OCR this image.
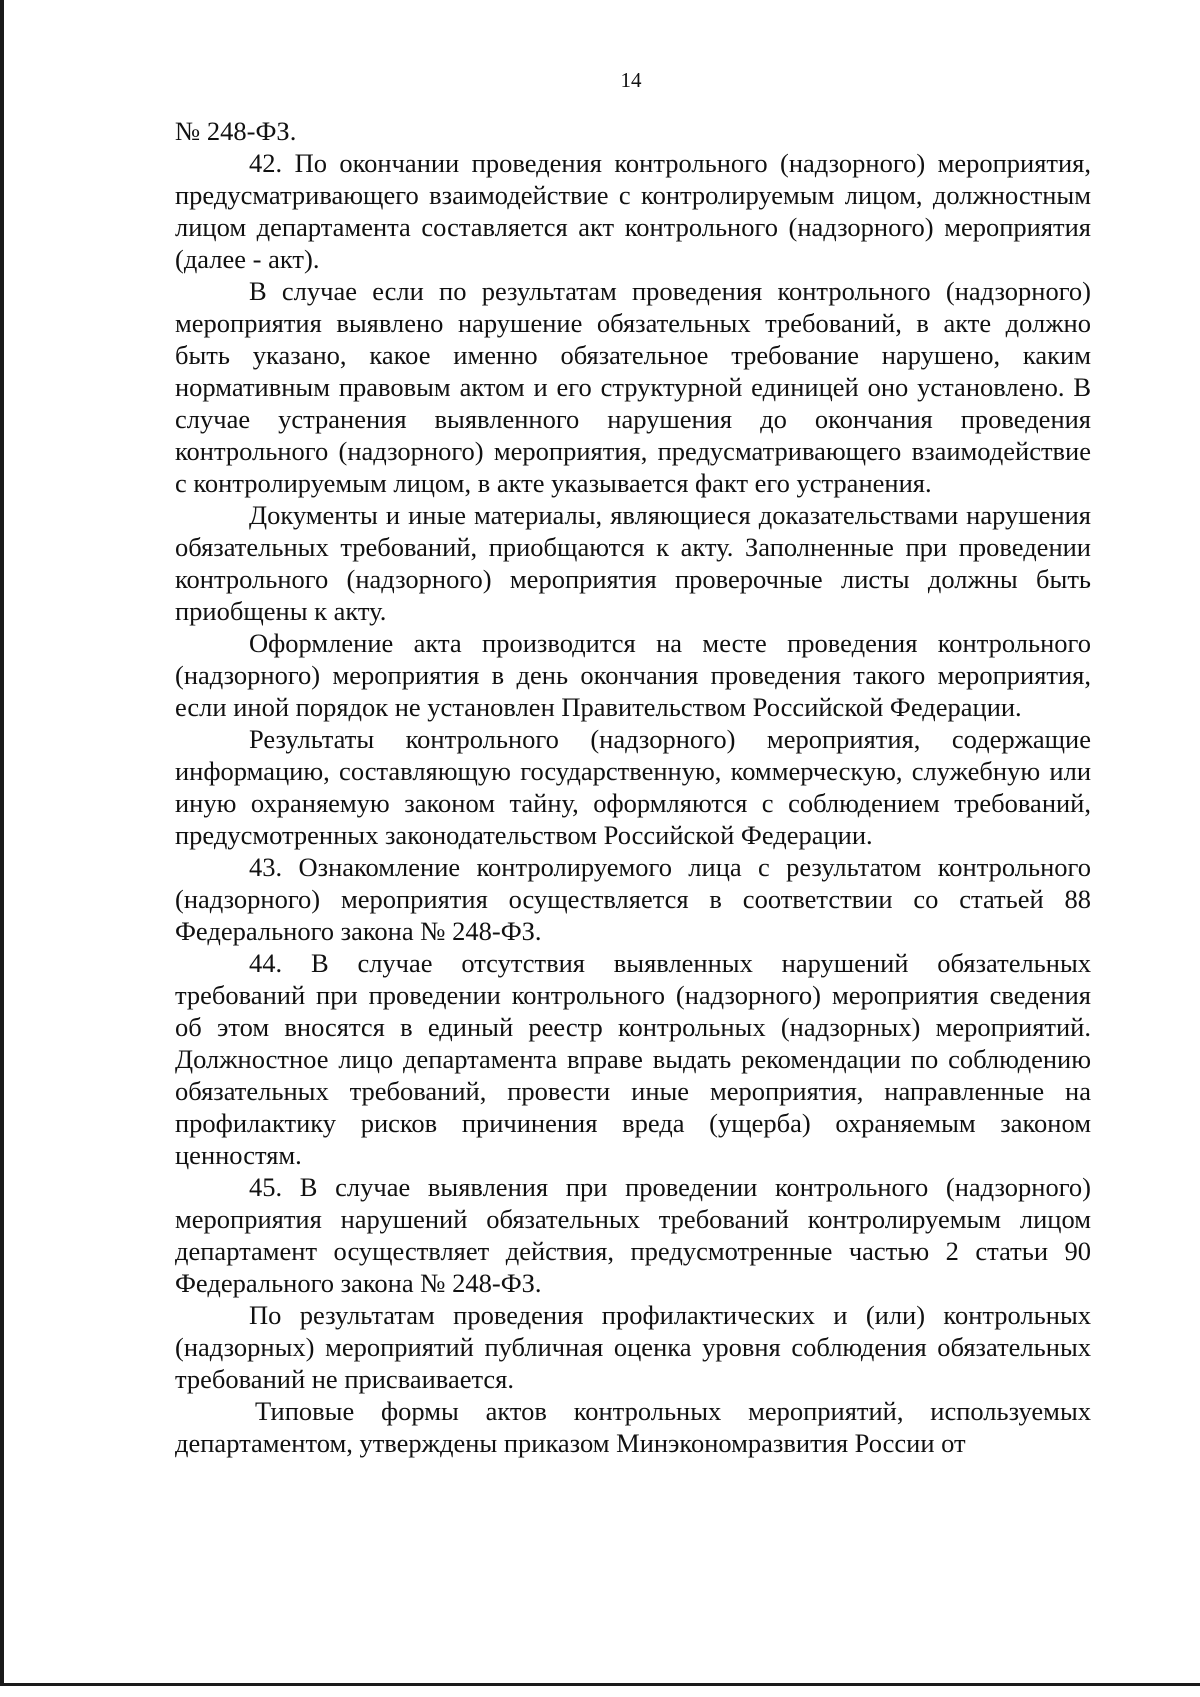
14

№ 248-ФЗ.

42. По окончании проведения контрольного (надзорного) мероприятия, предусматривающего взаимодействие с контролируемым лицом, должностным лицом департамента составляется акт контрольного (надзорного) мероприятия (далее - акт).

В случае если по результатам проведения контрольного (надзорного) мероприятия выявлено нарушение обязательных требований, в акте должно быть указано, какое именно обязательное требование нарушено, каким нормативным правовым актом и его структурной единицей оно установлено. В случае устранения выявленного нарушения до окончания проведения контрольного (надзорного) мероприятия, предусматривающего взаимодействие с контролируемым лицом, в акте указывается факт его устранения.

Документы и иные материалы, являющиеся доказательствами нарушения обязательных требований, приобщаются к акту. Заполненные при проведении контрольного (надзорного) мероприятия проверочные листы должны быть приобщены к акту.

Оформление акта производится на месте проведения контрольного (надзорного) мероприятия в день окончания проведения такого мероприятия, если иной порядок не установлен Правительством Российской Федерации.

Результаты контрольного (надзорного) мероприятия, содержащие информацию, составляющую государственную, коммерческую, служебную или иную охраняемую законом тайну, оформляются с соблюдением требований, предусмотренных законодательством Российской Федерации.

43. Ознакомление контролируемого лица с результатом контрольного (надзорного) мероприятия осуществляется в соответствии со статьей 88 Федерального закона № 248-ФЗ.

44. В случае отсутствия выявленных нарушений обязательных требований при проведении контрольного (надзорного) мероприятия сведения об этом вносятся в единый реестр контрольных (надзорных) мероприятий. Должностное лицо департамента вправе выдать рекомендации по соблюдению обязательных требований, провести иные мероприятия, направленные на профилактику рисков причинения вреда (ущерба) охраняемым законом ценностям.

45. В случае выявления при проведении контрольного (надзорного) мероприятия нарушений обязательных требований контролируемым лицом департамент осуществляет действия, предусмотренные частью 2 статьи 90 Федерального закона № 248-ФЗ.

По результатам проведения профилактических и (или) контрольных (надзорных) мероприятий публичная оценка уровня соблюдения обязательных требований не присваивается.

Типовые формы актов контрольных мероприятий, используемых департаментом, утверждены приказом Минэкономразвития России от
